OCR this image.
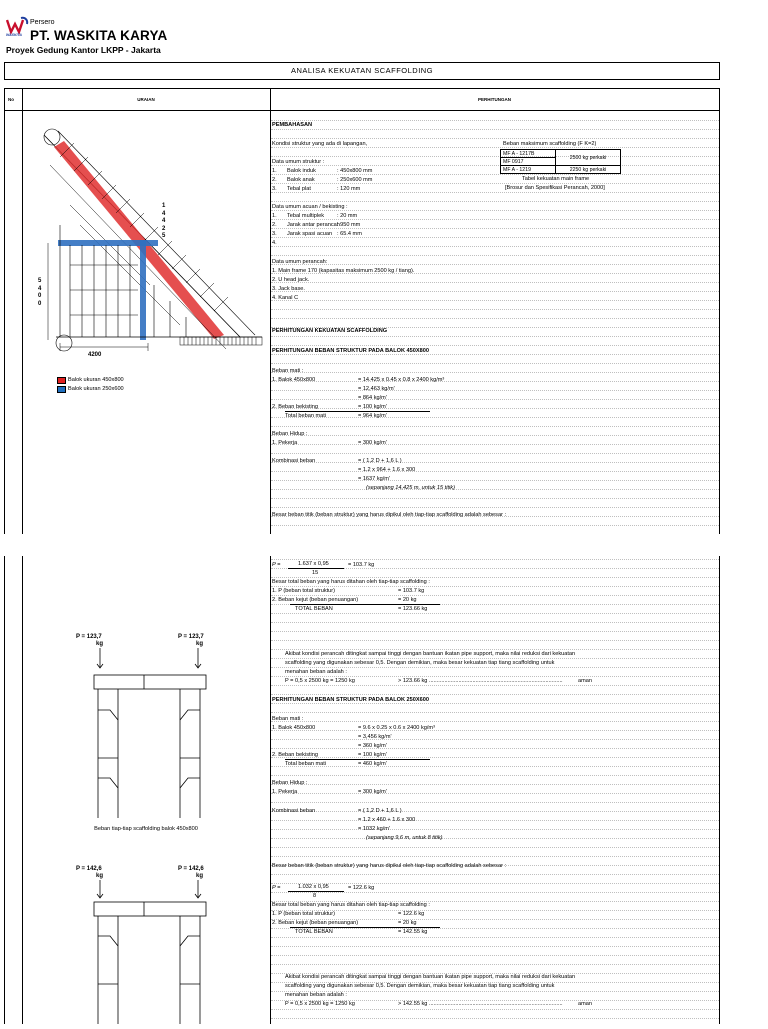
WASKITA
Persero
PT. WASKITA KARYA
Proyek Gedung Kantor LKPP - Jakarta
ANALISA KEKUATAN SCAFFOLDING
No	URAIAN	PERHITUNGAN
1
4
4
2
5
5
4
0
0
4200
Balok ukuran 450x800
Balok ukuran 250x600
PEMBAHASAN
Kondisi struktur yang ada di lapangan,	Beban maksimum scaffolding (F K=2)
MF A - 1217B	2500 kg perkaki
MF 0917	
MF A - 1219	2250 kg perkaki
Tabel kekuatan main frame
[Brosur dan Spesifikasi Perancah, 2000]
Data umum struktur :
1. Balok induk	: 450x800 mm
2. Balok anak	: 250x600 mm
3. Tebal plat	: 120 mm
Data umum acuan / bekisting :
1. Tebal multiplek : 20 mm
2. Jarak antar perancah
: 950 mm
3. Jarak spasi acuan : 65.4 mm
4.
Data umum perancah:
1. Main frame 170 (kapasitas maksimum 2500 kg / tiang).
2. U head jack.
3. Jack base.
4. Kanal C
PERHITUNGAN KEKUATAN SCAFFOLDING
PERHITUNGAN BEBAN STRUKTUR PADA BALOK 450X800
Beban mati :
1. Balok 450x800	= 14.425 x 0.45 x 0.8 x 2400 kg/m³
= 12,463 kg/m'
= 864 kg/m'
2. Beban bekisting	= 100 kg/m'
Total beban mati	= 964 kg/m'
Beban Hidup :
1. Pekerja	= 300 kg/m'
Kombinasi beban	= ( 1,2 D + 1,6 L )
= 1.2 x 964 + 1.6 x 300
= 1637 kg/m'
(sepanjang 14,425 m, untuk 15 titik)
Besar beban titik (beban struktur) yang harus dipikul oleh tiap-tiap scaffolding adalah sebesar :
P =	1.637 x 0,95
15
= 103.7 kg
Besar total beban yang harus ditahan oleh tiap-tiap scaffolding :
1. P (beban total struktur)	= 103.7 kg
2. Beban kejut (beban penuangan)	= 20 kg
TOTAL BEBAN	= 123.66 kg
Akibat kondisi perancah ditingkat sampai tinggi dengan bantuan ikatan pipe support, maka nilai reduksi dari kekuatan
scaffolding yang digunakan sebesar 0,5. Dengan demikian, maka besar kekuatan tiap tiang scaffolding untuk
menahan beban adalah :
P = 0,5 x 2500 kg = 1250 kg	> 123.66 kg ......................................................................................	aman
PERHITUNGAN BEBAN STRUKTUR PADA BALOK 250X600
Beban mati :
1. Balok 450x800	= 9.6 x 0.25 x 0.6 x 2400 kg/m³
= 3,456 kg/m'
= 360 kg/m'
2. Beban bekisting	= 100 kg/m'
Total beban mati	= 460 kg/m'
Beban Hidup :
1. Pekerja	= 300 kg/m'
Kombinasi beban	= ( 1,2 D + 1,6 L )
= 1.2 x 460 + 1.6 x 300
= 1032 kg/m'
(sepanjang 9,6 m, untuk 8 titik)
Besar beban titik (beban struktur) yang harus dipikul oleh tiap-tiap scaffolding adalah sebesar :
P =	1.032 x 0,95
8
= 122.6 kg
Besar total beban yang harus ditahan oleh tiap-tiap scaffolding :
1. P (beban total struktur)	= 122.6 kg
2. Beban kejut (beban penuangan)	= 20 kg
TOTAL BEBAN	= 142.55 kg
Akibat kondisi perancah ditingkat sampai tinggi dengan bantuan ikatan pipe support, maka nilai reduksi dari kekuatan
scaffolding yang digunakan sebesar 0,5. Dengan demikian, maka besar kekuatan tiap tiang scaffolding untuk
menahan beban adalah :
P = 0,5 x 2500 kg = 1250 kg	> 142.55 kg ......................................................................................	aman
P = 123,7
kg
P = 123,7
kg
Beban tiap-tiap scaffolding balok 450x800
P = 142,6
kg
P = 142,6
kg
